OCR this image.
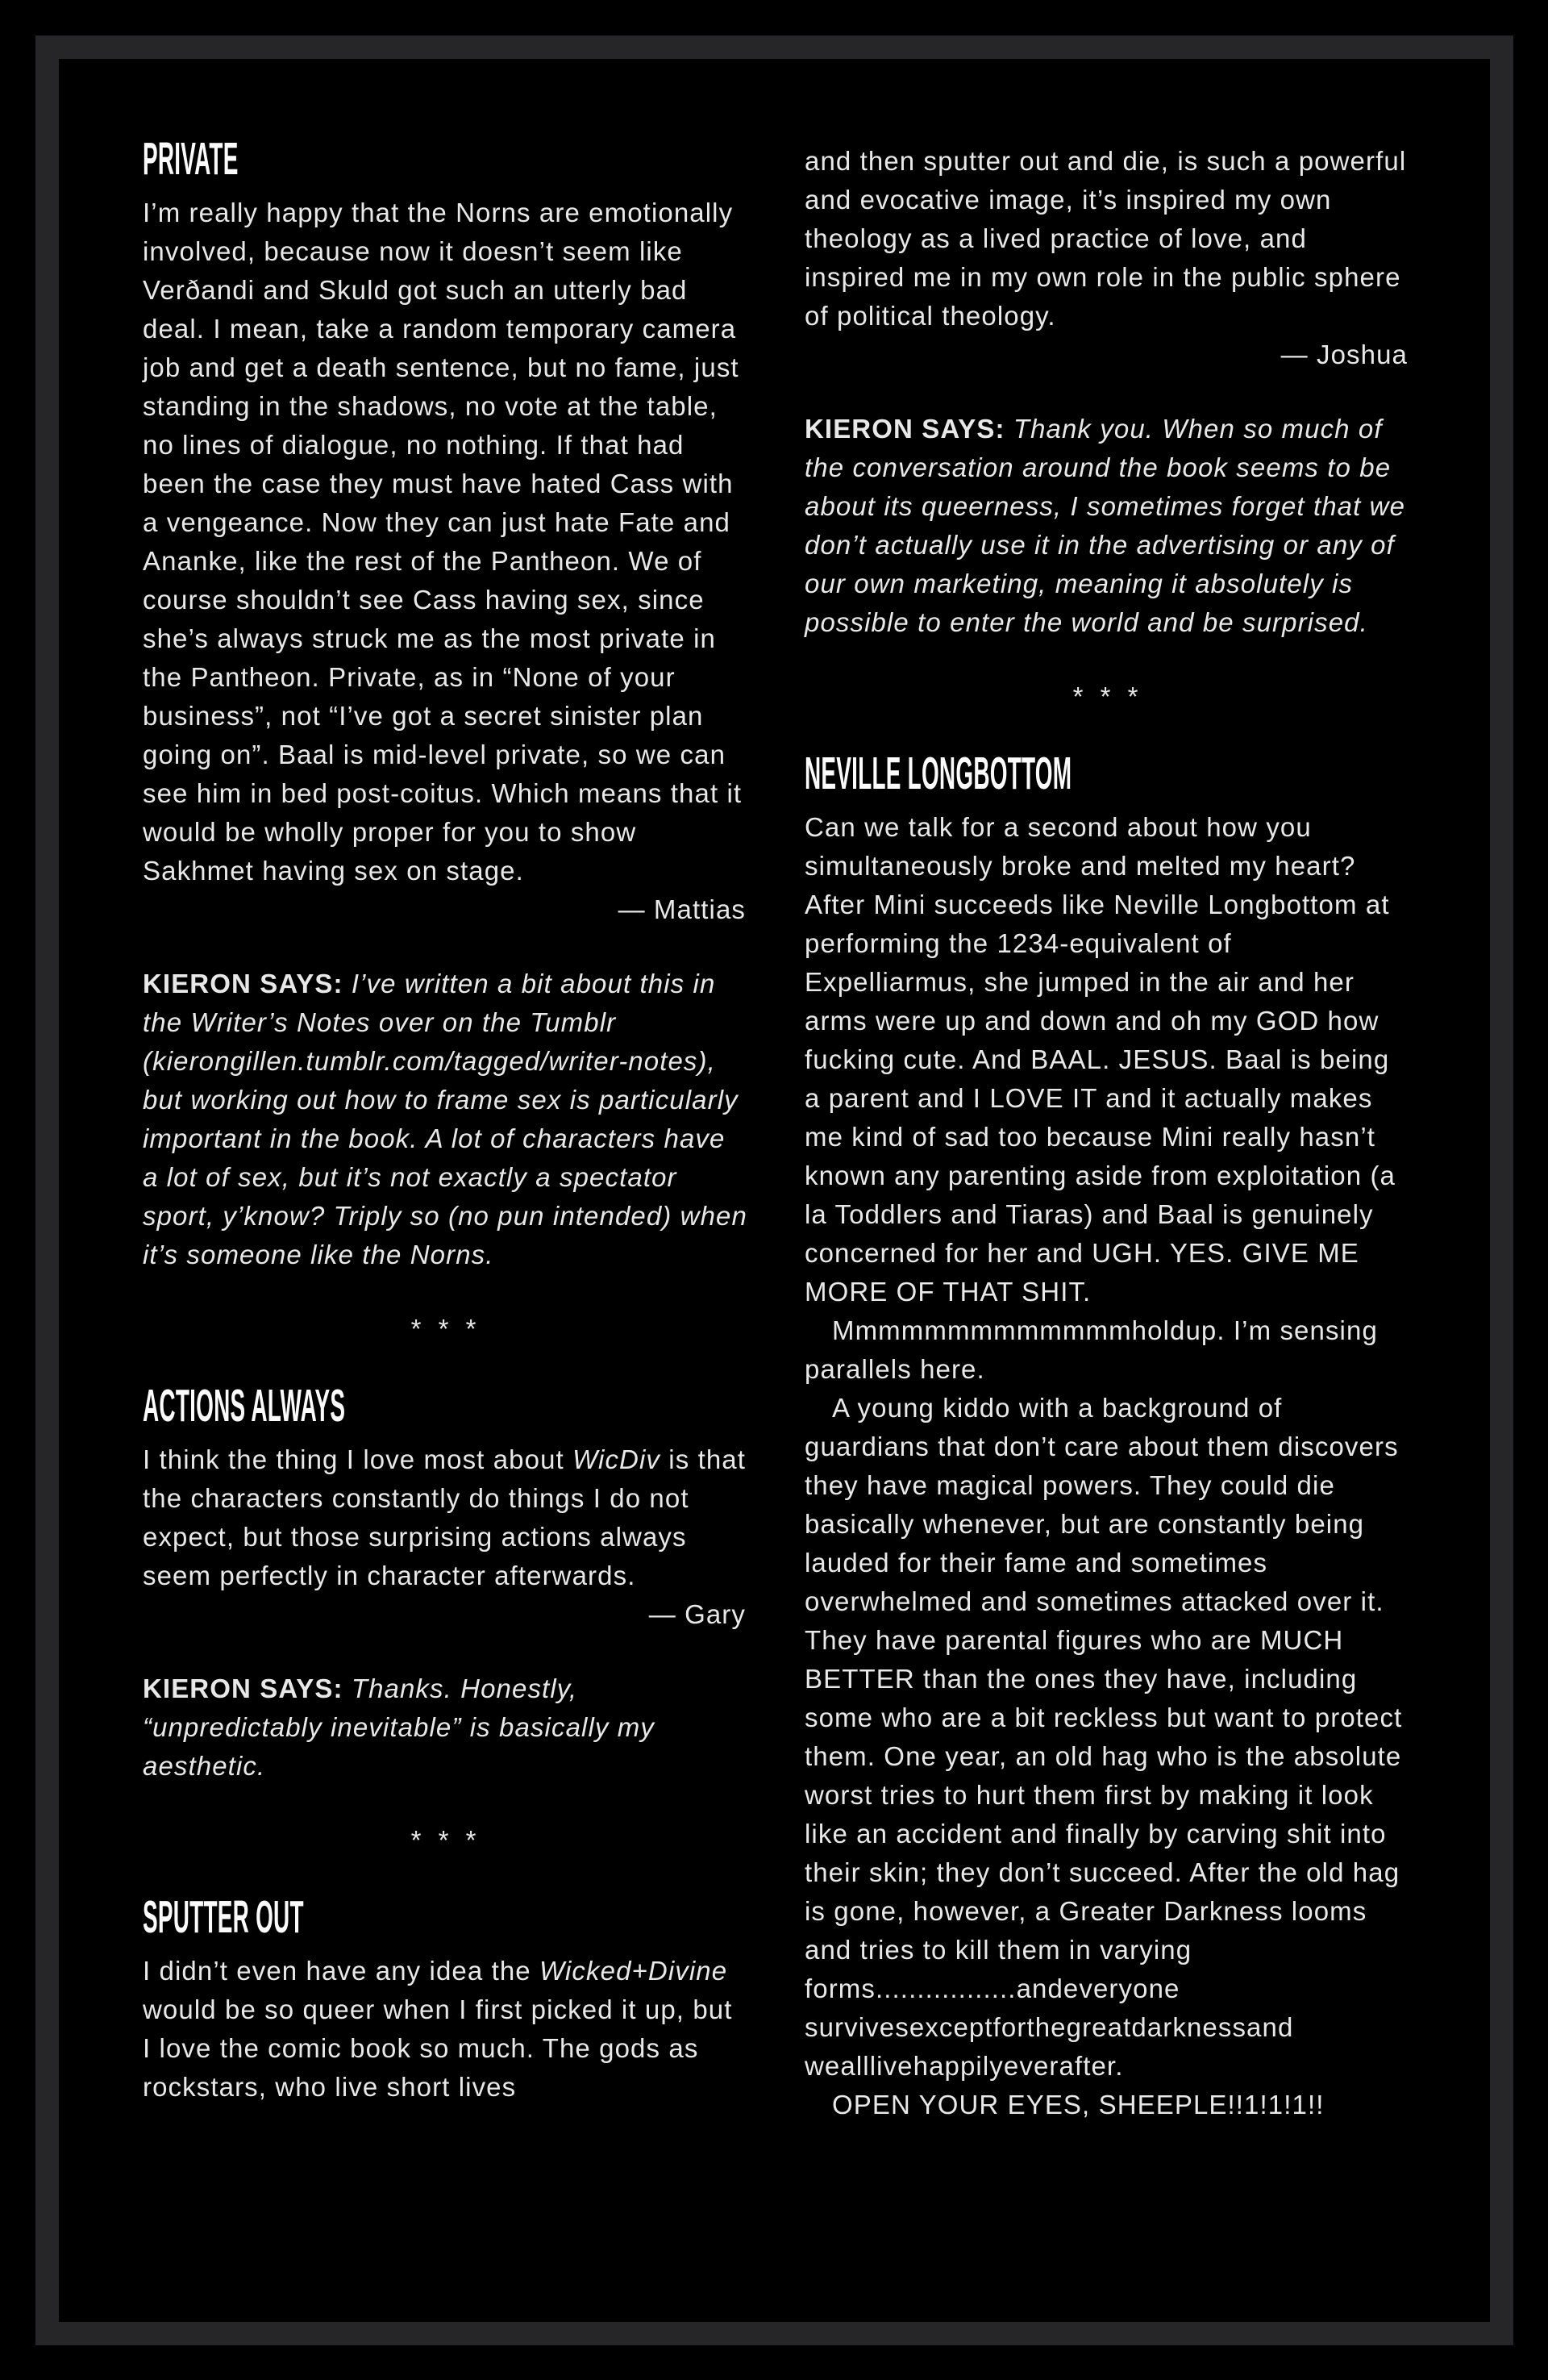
PRIVATE
I’m really happy that the Norns are emotionally involved, because now it doesn’t seem like Verðandi and Skuld got such an utterly bad deal. I mean, take a random temporary camera job and get a death sentence, but no fame, just standing in the shadows, no vote at the table, no lines of dialogue, no nothing. If that had been the case they must have hated Cass with a vengeance. Now they can just hate Fate and Ananke, like the rest of the Pantheon. We of course shouldn’t see Cass having sex, since she’s always struck me as the most private in the Pantheon. Private, as in “None of your business”, not “I’ve got a secret sinister plan going on”. Baal is mid-level private, so we can see him in bed post-coitus. Which means that it would be wholly proper for you to show Sakhmet having sex on stage.
— Mattias
KIERON SAYS: I’ve written a bit about this in the Writer’s Notes over on the Tumblr (kierongillen.tumblr.com/tagged/writer-notes), but working out how to frame sex is particularly important in the book. A lot of characters have a lot of sex, but it’s not exactly a spectator sport, y’know? Triply so (no pun intended) when it’s someone like the Norns.
* * *
ACTIONS ALWAYS
I think the thing I love most about WicDiv is that the characters constantly do things I do not expect, but those surprising actions always seem perfectly in character afterwards.
— Gary
KIERON SAYS: Thanks. Honestly, “unpredictably inevitable” is basically my aesthetic.
* * *
SPUTTER OUT
I didn’t even have any idea the Wicked+Divine would be so queer when I first picked it up, but I love the comic book so much. The gods as rockstars, who live short lives
and then sputter out and die, is such a powerful and evocative image, it’s inspired my own theology as a lived practice of love, and inspired me in my own role in the public sphere of political theology.
— Joshua
KIERON SAYS: Thank you. When so much of the conversation around the book seems to be about its queerness, I sometimes forget that we don’t actually use it in the advertising or any of our own marketing, meaning it absolutely is possible to enter the world and be surprised.
* * *
NEVILLE LONGBOTTOM
Can we talk for a second about how you simultaneously broke and melted my heart? After Mini succeeds like Neville Longbottom at performing the 1234-equivalent of Expelliarmus, she jumped in the air and her arms were up and down and oh my GOD how fucking cute. And BAAL. JESUS. Baal is being a parent and I LOVE IT and it actually makes me kind of sad too because Mini really hasn’t known any parenting aside from exploitation (a la Toddlers and Tiaras) and Baal is genuinely concerned for her and UGH. YES. GIVE ME MORE OF THAT SHIT.
Mmmmmmmmmmmmmholdup. I’m sensing parallels here.
A young kiddo with a background of guardians that don’t care about them discovers they have magical powers. They could die basically whenever, but are constantly being lauded for their fame and sometimes overwhelmed and sometimes attacked over it. They have parental figures who are MUCH BETTER than the ones they have, including some who are a bit reckless but want to protect them. One year, an old hag who is the absolute worst tries to hurt them first by making it look like an accident and finally by carving shit into their skin; they don’t succeed. After the old hag is gone, however, a Greater Darkness looms and tries to kill them in varying forms.................andeveryone survivesexceptforthegreatdarknessand wealllivehappilyeverafter.
OPEN YOUR EYES, SHEEPLE!!1!1!1!!
